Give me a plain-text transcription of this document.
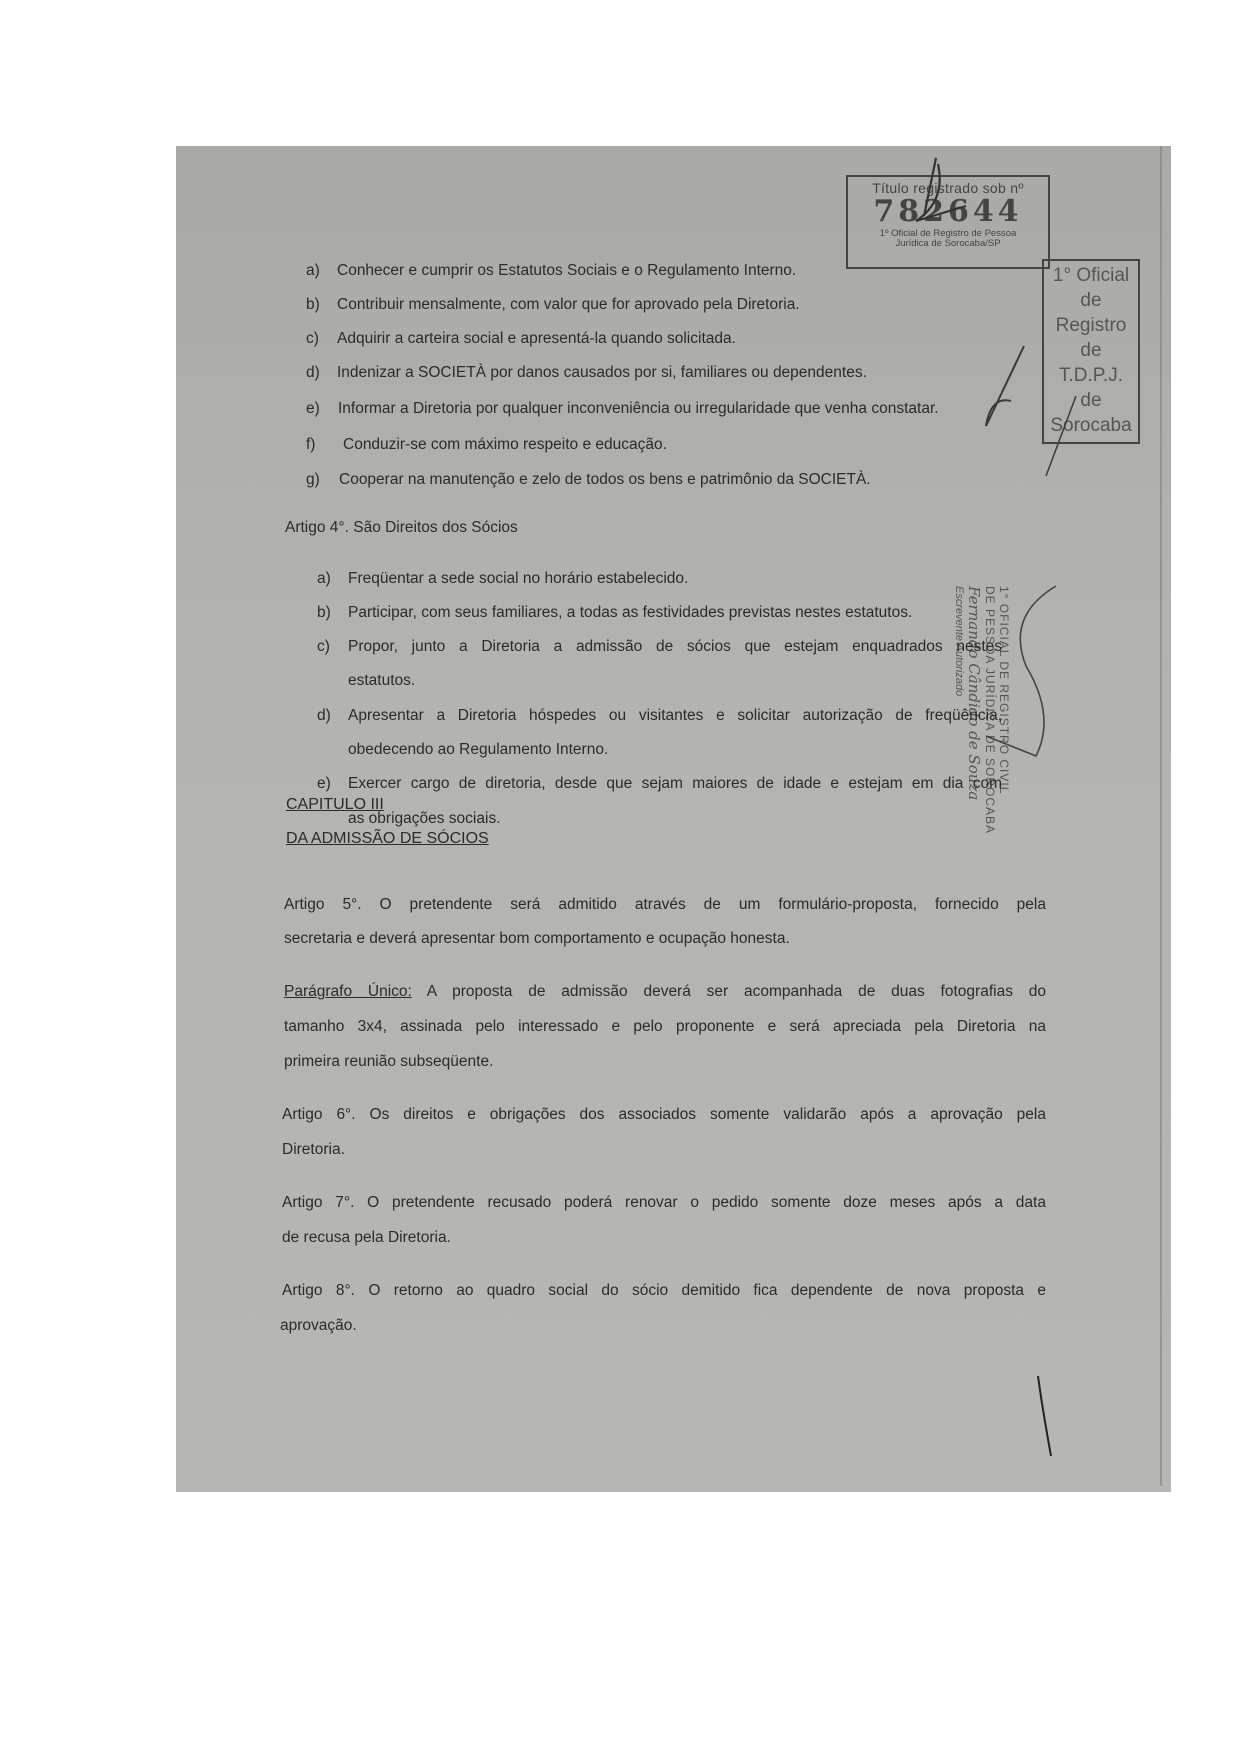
Título registrado sob nº
782644
1º Oficial de Registro de Pessoa
Jurídica de Sorocaba/SP
1° Oficial
de
Registro
de
T.D.P.J.
de
Sorocaba
1° OFICIAL DE REGISTRO CIVIL
DE PESSOA JURÍDICA DE SOROCABA
Fernando Cândido de Souza
Escrevente Autorizado
a) Conhecer e cumprir os Estatutos Sociais e o Regulamento Interno.
b) Contribuir mensalmente, com valor que for aprovado pela Diretoria.
c) Adquirir a carteira social e apresentá-la quando solicitada.
d) Indenizar a SOCIETÀ por danos causados por si, familiares ou dependentes.
e) Informar a Diretoria por qualquer inconveniência ou irregularidade que venha constatar.
f) Conduzir-se com máximo respeito e educação.
g) Cooperar na manutenção e zelo de todos os bens e patrimônio da SOCIETÀ.
Artigo 4°. São Direitos dos Sócios
a) Freqüentar a sede social no horário estabelecido.
b) Participar, com seus familiares, a todas as festividades previstas nestes estatutos.
c) Propor, junto a Diretoria a admissão de sócios que estejam enquadrados nestes
estatutos.
d) Apresentar a Diretoria hóspedes ou visitantes e solicitar autorização de freqüência,
obedecendo ao Regulamento Interno.
e) Exercer cargo de diretoria, desde que sejam maiores de idade e estejam em dia com
as obrigações sociais.
CAPITULO III
DA ADMISSÃO DE SÓCIOS
Artigo 5°. O pretendente será admitido através de um formulário-proposta, fornecido pela
secretaria e deverá apresentar bom comportamento e ocupação honesta.
Parágrafo Único: A proposta de admissão deverá ser acompanhada de duas fotografias do
tamanho 3x4, assinada pelo interessado e pelo proponente e será apreciada pela Diretoria na
primeira reunião subseqüente.
Artigo 6°. Os direitos e obrigações dos associados somente validarão após a aprovação pela
Diretoria.
Artigo 7°. O pretendente recusado poderá renovar o pedido somente doze meses após a data
de recusa pela Diretoria.
Artigo 8°. O retorno ao quadro social do sócio demitido fica dependente de nova proposta e
aprovação.
